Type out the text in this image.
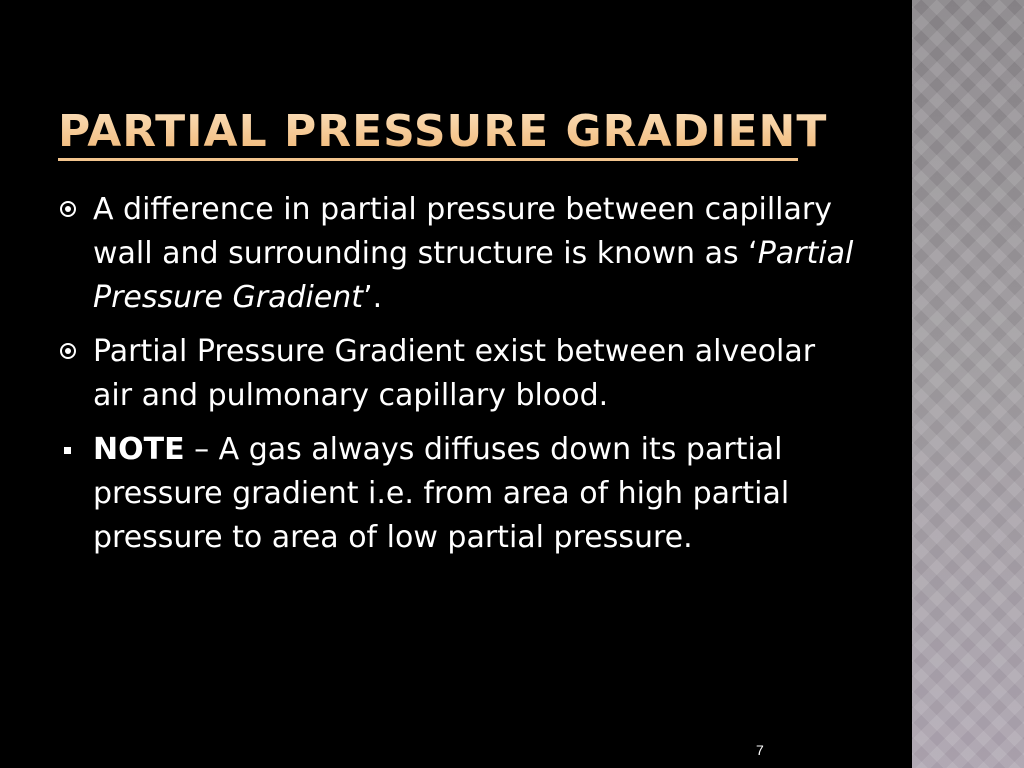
PARTIAL PRESSURE GRADIENT
A difference in partial pressure between capillary wall and surrounding structure is known as ‘Partial Pressure Gradient’.
Partial Pressure Gradient exist between alveolar air and pulmonary capillary blood.
NOTE – A gas always diffuses down its partial pressure gradient i.e. from area of high partial pressure to area of low partial pressure.
7
